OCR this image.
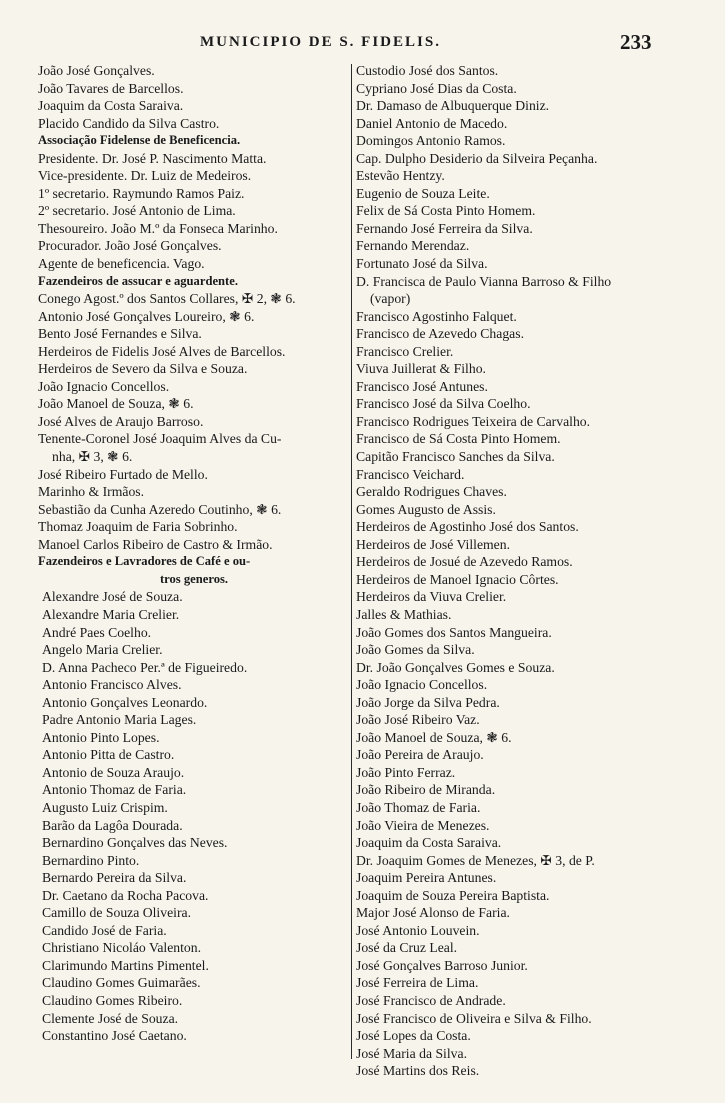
MUNICIPIO DE S. FIDELIS.	233
João José Gonçalves.
João Tavares de Barcellos.
Joaquim da Costa Saraiva.
Placido Candido da Silva Castro.
Associação Fidelense de Beneficencia.
Presidente. Dr. José P. Nascimento Matta.
Vice-presidente. Dr. Luiz de Medeiros.
1º secretario. Raymundo Ramos Paiz.
2º secretario. José Antonio de Lima.
Thesoureiro. João M.º da Fonseca Marinho.
Procurador. João José Gonçalves.
Agente de beneficencia. Vago.
Fazendeiros de assucar e aguardente.
Conego Agost.º dos Santos Collares, ✠ 2, ❃ 6.
Antonio José Gonçalves Loureiro, ❃ 6.
Bento José Fernandes e Silva.
Herdeiros de Fidelis José Alves de Barcellos.
Herdeiros de Severo da Silva e Souza.
João Ignacio Concellos.
João Manoel de Souza, ❃ 6.
José Alves de Araujo Barroso.
Tenente-Coronel José Joaquim Alves da Cu-
nha, ✠ 3, ❃ 6.
José Ribeiro Furtado de Mello.
Marinho & Irmãos.
Sebastião da Cunha Azeredo Coutinho, ❃ 6.
Thomaz Joaquim de Faria Sobrinho.
Manoel Carlos Ribeiro de Castro & Irmão.
Fazendeiros e Lavradores de Café e ou-
tros generos.
Alexandre José de Souza.
Alexandre Maria Crelier.
André Paes Coelho.
Angelo Maria Crelier.
D. Anna Pacheco Per.ª de Figueiredo.
Antonio Francisco Alves.
Antonio Gonçalves Leonardo.
Padre Antonio Maria Lages.
Antonio Pinto Lopes.
Antonio Pitta de Castro.
Antonio de Souza Araujo.
Antonio Thomaz de Faria.
Augusto Luiz Crispim.
Barão da Lagôa Dourada.
Bernardino Gonçalves das Neves.
Bernardino Pinto.
Bernardo Pereira da Silva.
Dr. Caetano da Rocha Pacova.
Camillo de Souza Oliveira.
Candido José de Faria.
Christiano Nicoláo Valenton.
Clarimundo Martins Pimentel.
Claudino Gomes Guimarães.
Claudino Gomes Ribeiro.
Clemente José de Souza.
Constantino José Caetano.
Custodio José dos Santos.
Cypriano José Dias da Costa.
Dr. Damaso de Albuquerque Diniz.
Daniel Antonio de Macedo.
Domingos Antonio Ramos.
Cap. Dulpho Desiderio da Silveira Peçanha.
Estevão Hentzy.
Eugenio de Souza Leite.
Felix de Sá Costa Pinto Homem.
Fernando José Ferreira da Silva.
Fernando Merendaz.
Fortunato José da Silva.
D. Francisca de Paulo Vianna Barroso & Filho
(vapor)
Francisco Agostinho Falquet.
Francisco de Azevedo Chagas.
Francisco Crelier.
Viuva Juillerat & Filho.
Francisco José Antunes.
Francisco José da Silva Coelho.
Francisco Rodrigues Teixeira de Carvalho.
Francisco de Sá Costa Pinto Homem.
Capitão Francisco Sanches da Silva.
Francisco Veichard.
Geraldo Rodrigues Chaves.
Gomes Augusto de Assis.
Herdeiros de Agostinho José dos Santos.
Herdeiros de José Villemen.
Herdeiros de Josué de Azevedo Ramos.
Herdeiros de Manoel Ignacio Côrtes.
Herdeiros da Viuva Crelier.
Jalles & Mathias.
João Gomes dos Santos Mangueira.
João Gomes da Silva.
Dr. João Gonçalves Gomes e Souza.
João Ignacio Concellos.
João Jorge da Silva Pedra.
João José Ribeiro Vaz.
João Manoel de Souza, ❃ 6.
João Pereira de Araujo.
João Pinto Ferraz.
João Ribeiro de Miranda.
João Thomaz de Faria.
João Vieira de Menezes.
Joaquim da Costa Saraiva.
Dr. Joaquim Gomes de Menezes, ✠ 3, de P.
Joaquim Pereira Antunes.
Joaquim de Souza Pereira Baptista.
Major José Alonso de Faria.
José Antonio Louvein.
José da Cruz Leal.
José Gonçalves Barroso Junior.
José Ferreira de Lima.
José Francisco de Andrade.
José Francisco de Oliveira e Silva & Filho.
José Lopes da Costa.
José Maria da Silva.
José Martins dos Reis.
